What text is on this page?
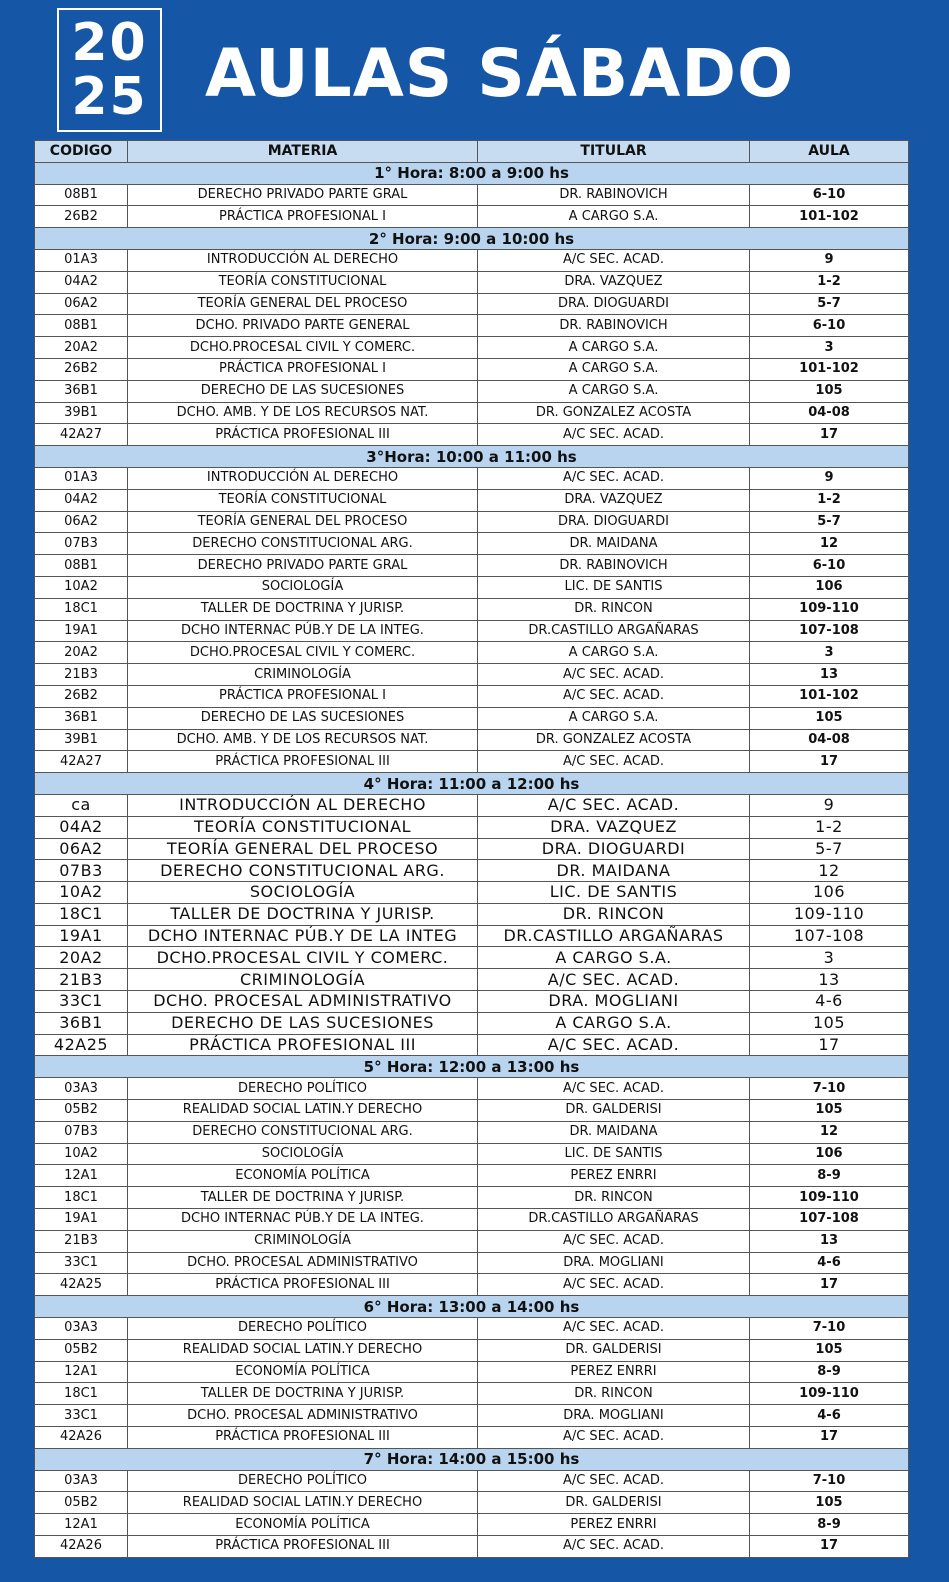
20
25 AULAS SÁBADO
CODIGO	MATERIA	TITULAR	AULA
1° Hora: 8:00 a 9:00 hs			
08B1	DERECHO PRIVADO PARTE GRAL	DR. RABINOVICH	6-10
26B2	PRÁCTICA PROFESIONAL I	A CARGO S.A.	101-102
2° Hora: 9:00 a 10:00 hs			
01A3	INTRODUCCIÓN AL DERECHO	A/C SEC. ACAD.	9
04A2	TEORÍA CONSTITUCIONAL	DRA. VAZQUEZ	1-2
06A2	TEORÍA GENERAL DEL PROCESO	DRA. DIOGUARDI	5-7
08B1	DCHO. PRIVADO PARTE GENERAL	DR. RABINOVICH	6-10
20A2	DCHO.PROCESAL CIVIL Y COMERC.	A CARGO S.A.	3
26B2	PRÁCTICA PROFESIONAL I	A CARGO S.A.	101-102
36B1	DERECHO DE LAS SUCESIONES	A CARGO S.A.	105
39B1	DCHO. AMB. Y DE LOS RECURSOS NAT.	DR. GONZALEZ ACOSTA	04-08
42A27	PRÁCTICA PROFESIONAL III	A/C SEC. ACAD.	17
3°Hora: 10:00 a 11:00 hs			
01A3	INTRODUCCIÓN AL DERECHO	A/C SEC. ACAD.	9
04A2	TEORÍA CONSTITUCIONAL	DRA. VAZQUEZ	1-2
06A2	TEORÍA GENERAL DEL PROCESO	DRA. DIOGUARDI	5-7
07B3	DERECHO CONSTITUCIONAL ARG.	DR. MAIDANA	12
08B1	DERECHO PRIVADO PARTE GRAL	DR. RABINOVICH	6-10
10A2	SOCIOLOGÍA	LIC. DE SANTIS	106
18C1	TALLER DE DOCTRINA Y JURISP.	DR. RINCON	109-110
19A1	DCHO INTERNAC PÚB.Y DE LA INTEG.	DR.CASTILLO ARGAÑARAS	107-108
20A2	DCHO.PROCESAL CIVIL Y COMERC.	A CARGO S.A.	3
21B3	CRIMINOLOGÍA	A/C SEC. ACAD.	13
26B2	PRÁCTICA PROFESIONAL I	A/C SEC. ACAD.	101-102
36B1	DERECHO DE LAS SUCESIONES	A CARGO S.A.	105
39B1	DCHO. AMB. Y DE LOS RECURSOS NAT.	DR. GONZALEZ ACOSTA	04-08
42A27	PRÁCTICA PROFESIONAL III	A/C SEC. ACAD.	17
4° Hora: 11:00 a 12:00 hs			
ca	INTRODUCCIÓN AL DERECHO	A/C SEC. ACAD.	9
04A2	TEORÍA CONSTITUCIONAL	DRA. VAZQUEZ	1-2
06A2	TEORÍA GENERAL DEL PROCESO	DRA. DIOGUARDI	5-7
07B3	DERECHO CONSTITUCIONAL ARG.	DR. MAIDANA	12
10A2	SOCIOLOGÍA	LIC. DE SANTIS	106
18C1	TALLER DE DOCTRINA Y JURISP.	DR. RINCON	109-110
19A1	DCHO INTERNAC PÚB.Y DE LA INTEG	DR.CASTILLO ARGAÑARAS	107-108
20A2	DCHO.PROCESAL CIVIL Y COMERC.	A CARGO S.A.	3
21B3	CRIMINOLOGÍA	A/C SEC. ACAD.	13
33C1	DCHO. PROCESAL ADMINISTRATIVO	DRA. MOGLIANI	4-6
36B1	DERECHO DE LAS SUCESIONES	A CARGO S.A.	105
42A25	PRÁCTICA PROFESIONAL III	A/C SEC. ACAD.	17
5° Hora: 12:00 a 13:00 hs			
03A3	DERECHO POLÍTICO	A/C SEC. ACAD.	7-10
05B2	REALIDAD SOCIAL LATIN.Y DERECHO	DR. GALDERISI	105
07B3	DERECHO CONSTITUCIONAL ARG.	DR. MAIDANA	12
10A2	SOCIOLOGÍA	LIC. DE SANTIS	106
12A1	ECONOMÍA POLÍTICA	PEREZ ENRRI	8-9
18C1	TALLER DE DOCTRINA Y JURISP.	DR. RINCON	109-110
19A1	DCHO INTERNAC PÚB.Y DE LA INTEG.	DR.CASTILLO ARGAÑARAS	107-108
21B3	CRIMINOLOGÍA	A/C SEC. ACAD.	13
33C1	DCHO. PROCESAL ADMINISTRATIVO	DRA. MOGLIANI	4-6
42A25	PRÁCTICA PROFESIONAL III	A/C SEC. ACAD.	17
6° Hora: 13:00 a 14:00 hs			
03A3	DERECHO POLÍTICO	A/C SEC. ACAD.	7-10
05B2	REALIDAD SOCIAL LATIN.Y DERECHO	DR. GALDERISI	105
12A1	ECONOMÍA POLÍTICA	PEREZ ENRRI	8-9
18C1	TALLER DE DOCTRINA Y JURISP.	DR. RINCON	109-110
33C1	DCHO. PROCESAL ADMINISTRATIVO	DRA. MOGLIANI	4-6
42A26	PRÁCTICA PROFESIONAL III	A/C SEC. ACAD.	17
7° Hora: 14:00 a 15:00 hs			
03A3	DERECHO POLÍTICO	A/C SEC. ACAD.	7-10
05B2	REALIDAD SOCIAL LATIN.Y DERECHO	DR. GALDERISI	105
12A1	ECONOMÍA POLÍTICA	PEREZ ENRRI	8-9
42A26	PRÁCTICA PROFESIONAL III	A/C SEC. ACAD.	17
